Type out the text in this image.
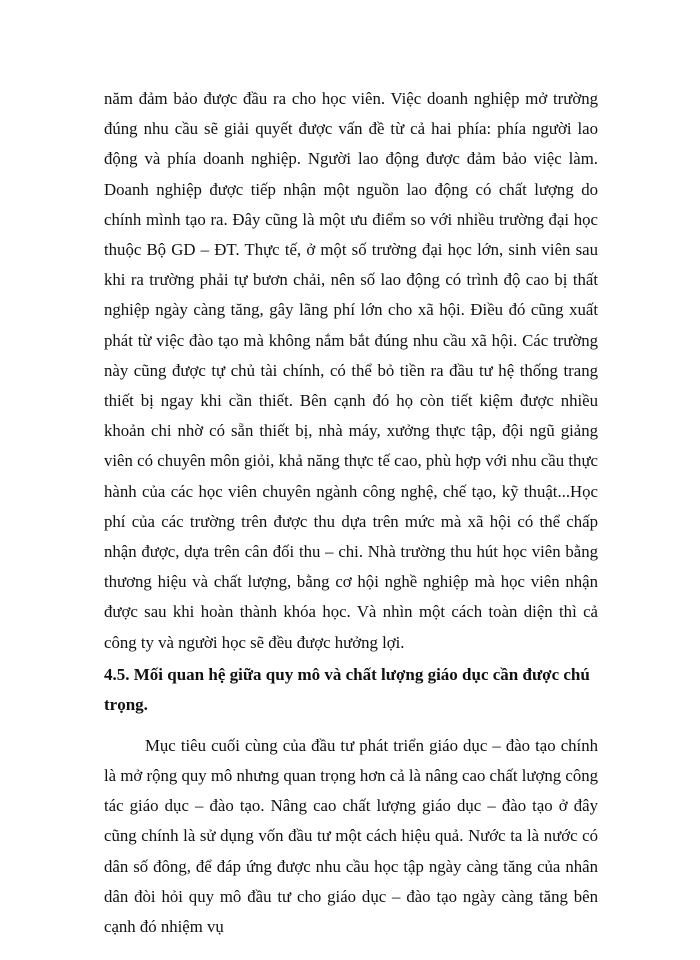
năm đảm bảo được đầu ra cho học viên. Việc doanh nghiệp mở trường đúng nhu cầu sẽ giải quyết được vấn đề từ cả hai phía: phía người lao động và phía doanh nghiệp. Người lao động được đảm bảo việc làm. Doanh nghiệp được tiếp nhận một nguồn lao động có chất lượng do chính mình tạo ra. Đây cũng là một ưu điểm so với nhiều trường đại học thuộc Bộ GD – ĐT. Thực tế, ở một số trường đại học lớn, sinh viên sau khi ra trường phải tự bươn chải, nên số lao động có trình độ cao bị thất nghiệp ngày càng tăng, gây lãng phí lớn cho xã hội. Điều đó cũng xuất phát từ việc đào tạo mà không nắm bắt đúng nhu cầu xã hội. Các trường này cũng được tự chủ tài chính, có thể bỏ tiền ra đầu tư hệ thống trang thiết bị ngay khi cần thiết. Bên cạnh đó họ còn tiết kiệm được nhiều khoản chi nhờ có sẵn thiết bị, nhà máy, xưởng thực tập, đội ngũ giảng viên có chuyên môn giỏi, khả năng thực tế cao, phù hợp với nhu cầu thực hành của các học viên chuyên ngành công nghệ, chế tạo, kỹ thuật...Học phí của các trường trên được thu dựa trên mức mà xã hội có thể chấp nhận được, dựa trên cân đối thu – chi. Nhà trường thu hút học viên bằng thương hiệu và chất lượng, bằng cơ hội nghề nghiệp mà học viên nhận được sau khi hoàn thành khóa học. Và nhìn một cách toàn diện thì cả công ty và người học sẽ đều được hưởng lợi.

4.5. Mối quan hệ giữa quy mô và chất lượng giáo dục cần được chú trọng.

Mục tiêu cuối cùng của đầu tư phát triển giáo dục – đào tạo chính là mở rộng quy mô nhưng quan trọng hơn cả là nâng cao chất lượng công tác giáo dục – đào tạo. Nâng cao chất lượng giáo dục – đào tạo ở đây cũng chính là sử dụng vốn đầu tư một cách hiệu quả. Nước ta là nước có dân số đông, để đáp ứng được nhu cầu học tập ngày càng tăng của nhân dân đòi hỏi quy mô đầu tư cho giáo dục – đào tạo ngày càng tăng bên cạnh đó nhiệm vụ
